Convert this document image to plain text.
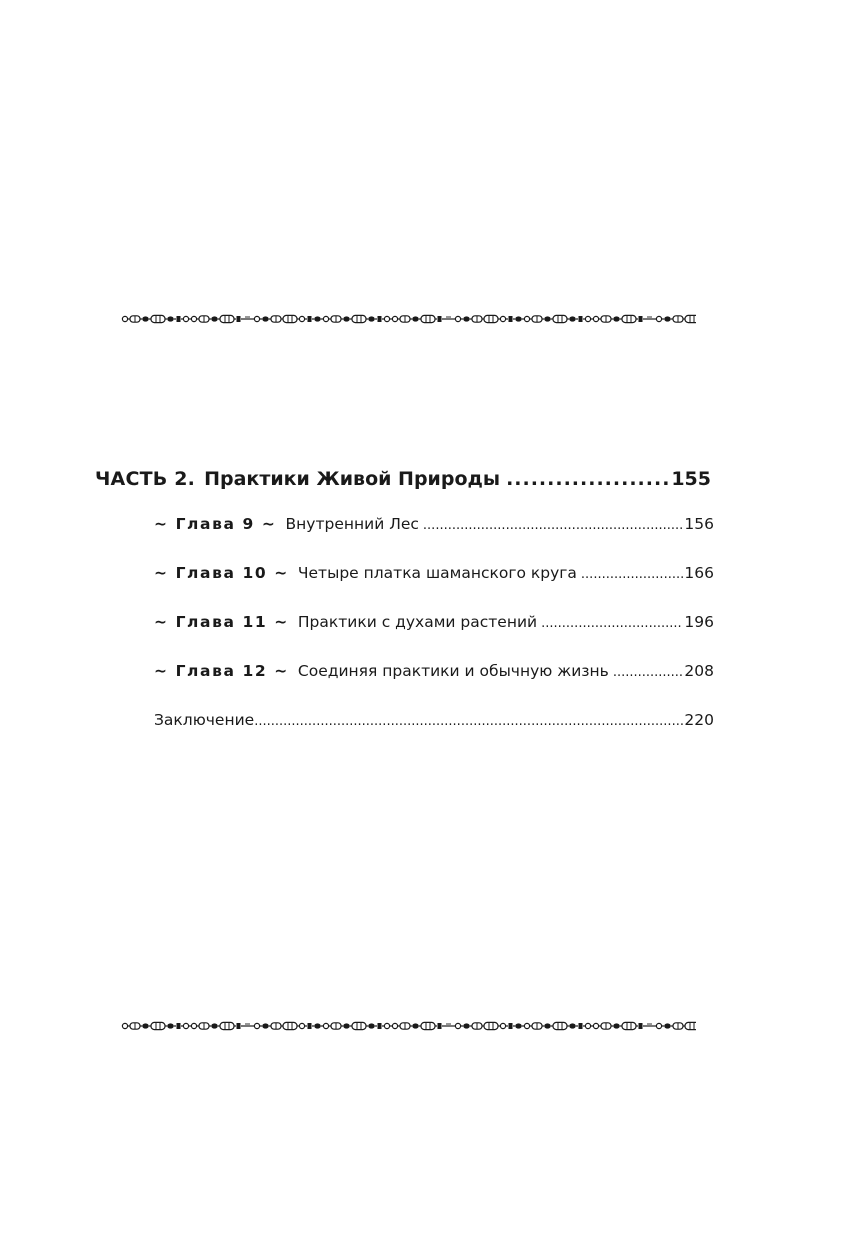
ЧАСТЬ 2. Практики Живой Природы .....	155
~ Глава 9 ~ Внутренний Лес .....	156
~ Глава 10 ~ Четыре платка шаманского круга .....	166
~ Глава 11 ~ Практики с духами растений .....	196
~ Глава 12 ~ Соединяя практики и обычную жизнь .....	208
Заключение .....	220
